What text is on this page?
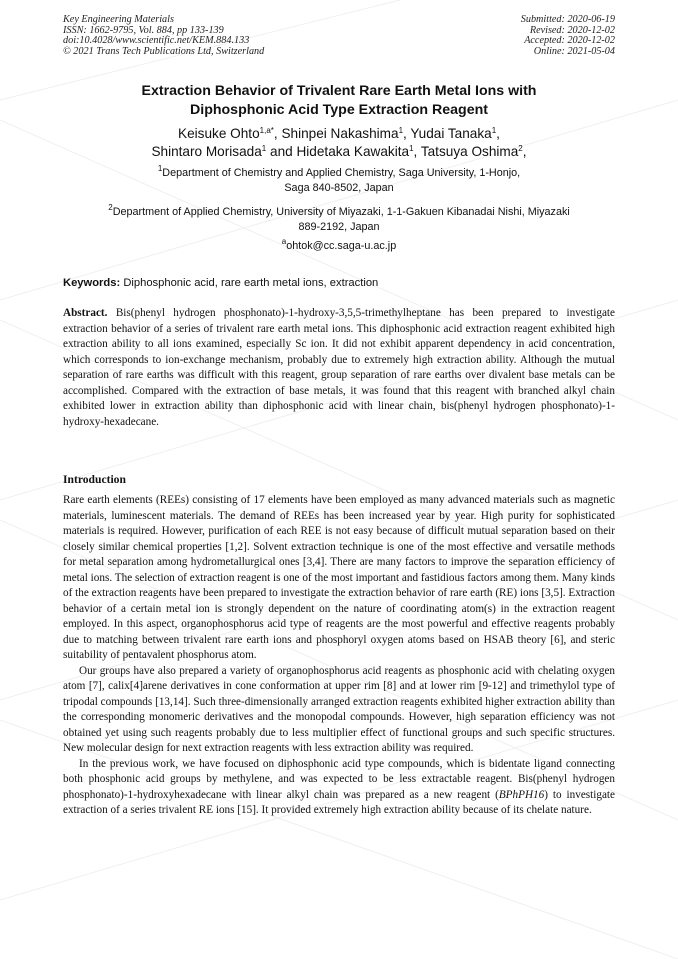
Key Engineering Materials
ISSN: 1662-9795, Vol. 884, pp 133-139
doi:10.4028/www.scientific.net/KEM.884.133
© 2021 Trans Tech Publications Ltd, Switzerland
Submitted: 2020-06-19
Revised: 2020-12-02
Accepted: 2020-12-02
Online: 2021-05-04
Extraction Behavior of Trivalent Rare Earth Metal Ions with
Diphosphonic Acid Type Extraction Reagent
Keisuke Ohto$^{1,a*}$, Shinpei Nakashima$^1$, Yudai Tanaka$^1$,
Shintaro Morisada$^1$ and Hidetaka Kawakita$^1$, Tatsuya Oshima$^2$,
$^1$Department of Chemistry and Applied Chemistry, Saga University, 1-Honjo,
Saga 840-8502, Japan
$^2$Department of Applied Chemistry, University of Miyazaki, 1-1-Gakuen Kibanadai Nishi, Miyazaki
889-2192, Japan
$^a$ohtok@cc.saga-u.ac.jp
Keywords: Diphosphonic acid, rare earth metal ions, extraction
Abstract. Bis(phenyl hydrogen phosphonato)-1-hydroxy-3,5,5-trimethylheptane has been prepared to investigate extraction behavior of a series of trivalent rare earth metal ions. This diphosphonic acid extraction reagent exhibited high extraction ability to all ions examined, especially Sc ion. It did not exhibit apparent dependency in acid concentration, which corresponds to ion-exchange mechanism, probably due to extremely high extraction ability. Although the mutual separation of rare earths was difficult with this reagent, group separation of rare earths over divalent base metals can be accomplished. Compared with the extraction of base metals, it was found that this reagent with branched alkyl chain exhibited lower in extraction ability than diphosphonic acid with linear chain, bis(phenyl hydrogen phosphonato)-1-hydroxy-hexadecane.
Introduction

Rare earth elements (REEs) consisting of 17 elements have been employed as many advanced materials such as magnetic materials, luminescent materials. The demand of REEs has been increased year by year. High purity for sophisticated materials is required. However, purification of each REE is not easy because of difficult mutual separation based on their closely similar chemical properties [1,2]. Solvent extraction technique is one of the most effective and versatile methods for metal separation among hydrometallurgical ones [3,4]. There are many factors to improve the separation efficiency of metal ions. The selection of extraction reagent is one of the most important and fastidious factors among them. Many kinds of the extraction reagents have been prepared to investigate the extraction behavior of rare earth (RE) ions [3,5]. Extraction behavior of a certain metal ion is strongly dependent on the nature of coordinating atom(s) in the extraction reagent employed. In this aspect, organophosphorus acid type of reagents are the most powerful and effective reagents probably due to matching between trivalent rare earth ions and phosphoryl oxygen atoms based on HSAB theory [6], and steric suitability of pentavalent phosphorus atom.

Our groups have also prepared a variety of organophosphorus acid reagents as phosphonic acid with chelating oxygen atom [7], calix[4]arene derivatives in cone conformation at upper rim [8] and at lower rim [9-12] and trimethylol type of tripodal compounds [13,14]. Such three-dimensionally arranged extraction reagents exhibited higher extraction ability than the corresponding monomeric derivatives and the monopodal compounds. However, high separation efficiency was not obtained yet using such reagents probably due to less multiplier effect of functional groups and such specific structures. New molecular design for next extraction reagents with less extraction ability was required.

In the previous work, we have focused on diphosphonic acid type compounds, which is bidentate ligand connecting both phosphonic acid groups by methylene, and was expected to be less extractable reagent. Bis(phenyl hydrogen phosphonato)-1-hydroxyhexadecane with linear alkyl chain was prepared as a new reagent (BPhPH16) to investigate extraction of a series trivalent RE ions [15]. It provided extremely high extraction ability because of its chelate nature.
